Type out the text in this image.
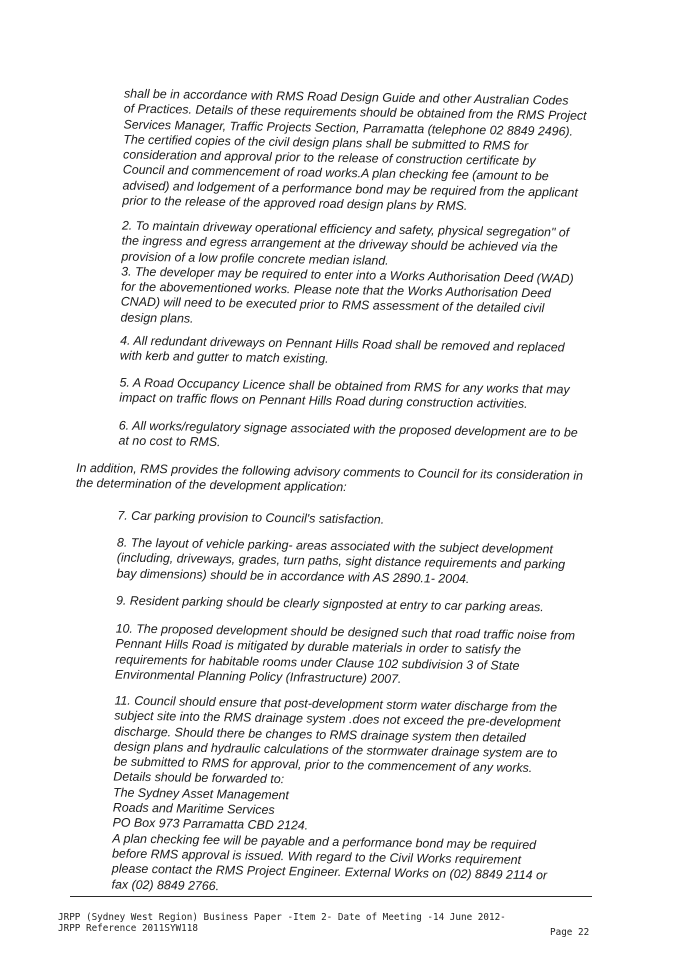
shall be in accordance with RMS Road Design Guide and other Australian Codes
of Practices. Details of these requirements should be obtained from the RMS Project
Services Manager, Traffic Projects Section, Parramatta (telephone 02 8849 2496).
The certified copies of the civil design plans shall be submitted to RMS for
consideration and approval prior to the release of construction certificate by
Council and commencement of road works.A plan checking fee (amount to be
advised) and lodgement of a performance bond may be required from the applicant
prior to the release of the approved road design plans by RMS.

2. To maintain driveway operational efficiency and safety, physical segregation" of
the ingress and egress arrangement at the driveway should be achieved via the
provision of a low profile concrete median island.
3. The developer may be required to enter into a Works Authorisation Deed (WAD)
for the abovementioned works. Please note that the Works Authorisation Deed
CNAD) will need to be executed prior to RMS assessment of the detailed civil
design plans.

4. All redundant driveways on Pennant Hills Road shall be removed and replaced
with kerb and gutter to match existing.

5. A Road Occupancy Licence shall be obtained from RMS for any works that may
impact on traffic flows on Pennant Hills Road during construction activities.

6. All works/regulatory signage associated with the proposed development are to be
at no cost to RMS.

In addition, RMS provides the following advisory comments to Council for its consideration in
the determination of the development application:

7. Car parking provision to Council's satisfaction.

8. The layout of vehicle parking- areas associated with the subject development
(including, driveways, grades, turn paths, sight distance requirements and parking
bay dimensions) should be in accordance with AS 2890.1- 2004.

9. Resident parking should be clearly signposted at entry to car parking areas.

10. The proposed development should be designed such that road traffic noise from
Pennant Hills Road is mitigated by durable materials in order to satisfy the
requirements for habitable rooms under Clause 102 subdivision 3 of State
Environmental Planning Policy (Infrastructure) 2007.

11. Council should ensure that post-development storm water discharge from the
subject site into the RMS drainage system .does not exceed the pre-development
discharge. Should there be changes to RMS drainage system then detailed
design plans and hydraulic calculations of the stormwater drainage system are to
be submitted to RMS for approval, prior to the commencement of any works.
Details should be forwarded to:
The Sydney Asset Management
Roads and Maritime Services
PO Box 973 Parramatta CBD 2124.
A plan checking fee will be payable and a performance bond may be required
before RMS approval is issued. With regard to the Civil Works requirement
please contact the RMS Project Engineer. External Works on (02) 8849 2114 or
fax (02) 8849 2766.

JRPP (Sydney West Region) Business Paper -Item 2- Date of Meeting -14 June 2012-
JRPP Reference 2011SYW118	Page 22
